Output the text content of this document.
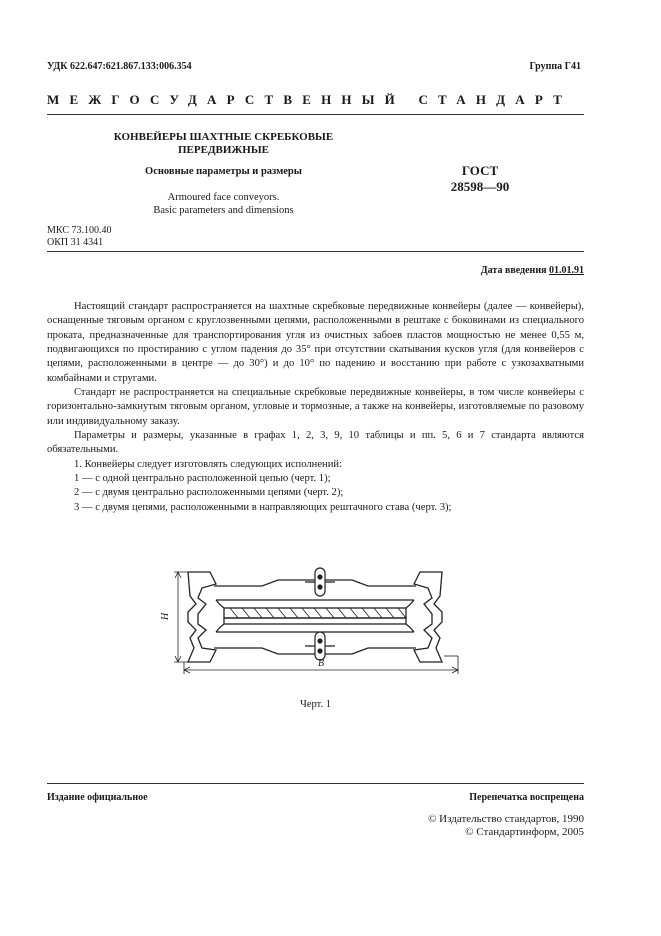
УДК 622.647:621.867.133:006.354	Группа Г41
МЕЖГОСУДАРСТВЕННЫЙ СТАНДАРТ
КОНВЕЙЕРЫ ШАХТНЫЕ СКРЕБКОВЫЕ
ПЕРЕДВИЖНЫЕ
Основные параметры и размеры
Armoured face conveyors.
Basic parameters and dimensions
ГОСТ
28598—90
МКС 73.100.40
ОКП 31 4341
Дата введения 01.01.91

Настоящий стандарт распространяется на шахтные скребковые передвижные конвейеры (далее — конвейеры), оснащенные тяговым органом с круглозвенными цепями, расположенными в рештаке с боковинами из специального проката, предназначенные для транспортирования угля из очистных забоев пластов мощностью не менее 0,55 м, подвигающихся по простиранию с углом падения до 35° при отсутствии скатывания кусков угля (для конвейеров с цепями, расположенными в центре — до 30°) и до 10° по падению и восстанию при работе с узкозахватными комбайнами и стругами.

Стандарт не распространяется на специальные скребковые передвижные конвейеры, в том числе конвейеры с горизонтально-замкнутым тяговым органом, угловые и тормозные, а также на конвейеры, изготовляемые по разовому или индивидуальному заказу.

Параметры и размеры, указанные в графах 1, 2, 3, 9, 10 таблицы и пп. 5, 6 и 7 стандарта являются обязательными.

1. Конвейеры следует изготовлять следующих исполнений:

1 — с одной центрально расположенной цепью (черт. 1);

2 — с двумя центрально расположенными цепями (черт. 2);

3 — с двумя цепями, расположенными в направляющих рештачного става (черт. 3);

H
B
Черт. 1
Издание официальное	Перепечатка воспрещена
© Издательство стандартов, 1990
© Стандартинформ, 2005
